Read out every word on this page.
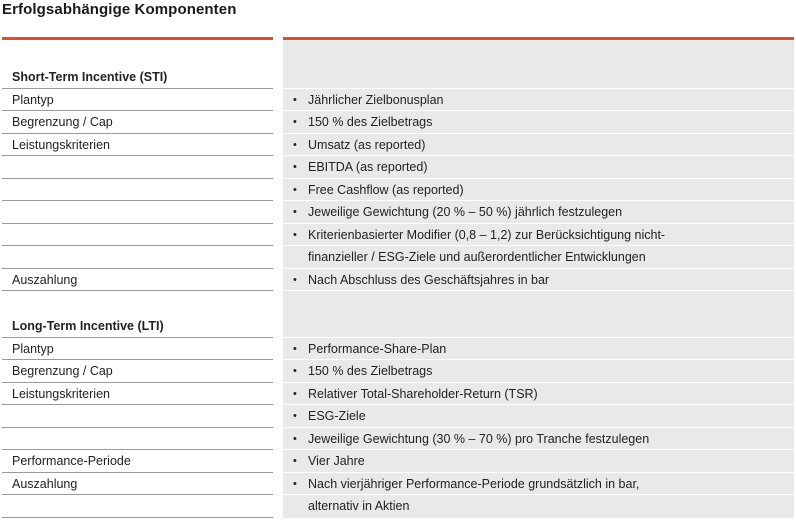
Erfolgsabhängige Komponenten
Short-Term Incentive (STI)
Plantyp	• Jährlicher Zielbonusplan
Begrenzung / Cap	• 150 % des Zielbetrags
Leistungskriterien	• Umsatz (as reported)
• EBITDA (as reported)
• Free Cashflow (as reported)
• Jeweilige Gewichtung (20 % – 50 %) jährlich festzulegen
• Kriterienbasierter Modifier (0,8 – 1,2) zur Berücksichtigung nicht-
finanzieller / ESG-Ziele und außerordentlicher Entwicklungen
Auszahlung	• Nach Abschluss des Geschäftsjahres in bar
Long-Term Incentive (LTI)
Plantyp	• Performance-Share-Plan
Begrenzung / Cap	• 150 % des Zielbetrags
Leistungskriterien	• Relativer Total-Shareholder-Return (TSR)
• ESG-Ziele
• Jeweilige Gewichtung (30 % – 70 %) pro Tranche festzulegen
Performance-Periode	• Vier Jahre
Auszahlung	• Nach vierjähriger Performance-Periode grundsätzlich in bar,
alternativ in Aktien
